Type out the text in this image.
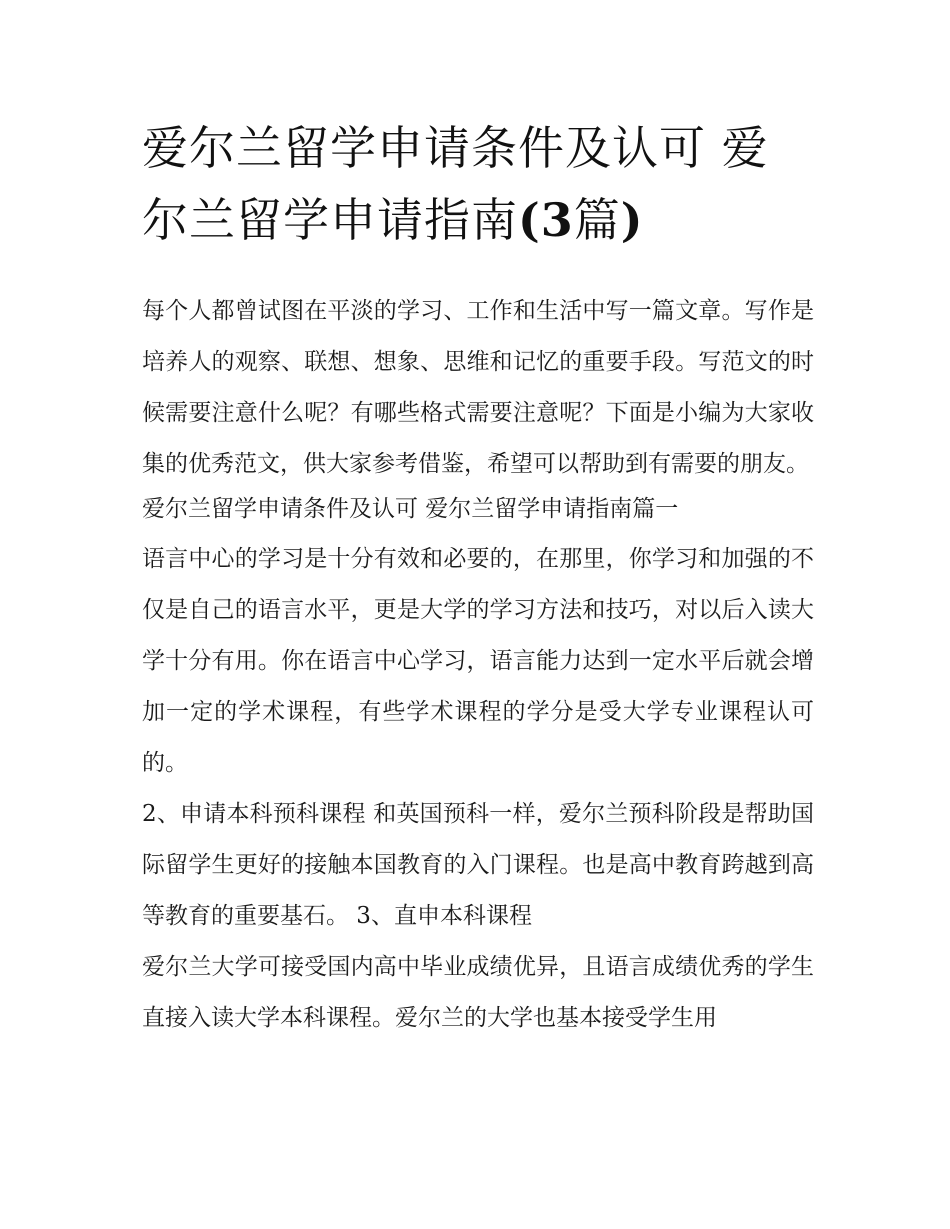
爱尔兰留学申请条件及认可 爱尔兰留学申请指南(3篇)

每个人都曾试图在平淡的学习、工作和生活中写一篇文章。写作是培养人的观察、联想、想象、思维和记忆的重要手段。写范文的时候需要注意什么呢？有哪些格式需要注意呢？下面是小编为大家收集的优秀范文，供大家参考借鉴，希望可以帮助到有需要的朋友。

爱尔兰留学申请条件及认可 爱尔兰留学申请指南篇一

语言中心的学习是十分有效和必要的，在那里，你学习和加强的不仅是自己的语言水平，更是大学的学习方法和技巧，对以后入读大学十分有用。你在语言中心学习，语言能力达到一定水平后就会增加一定的学术课程，有些学术课程的学分是受大学专业课程认可的。

2、申请本科预科课程 和英国预科一样，爱尔兰预科阶段是帮助国际留学生更好的接触本国教育的入门课程。也是高中教育跨越到高等教育的重要基石。 3、直申本科课程

爱尔兰大学可接受国内高中毕业成绩优异，且语言成绩优秀的学生直接入读大学本科课程。爱尔兰的大学也基本接受学生用
